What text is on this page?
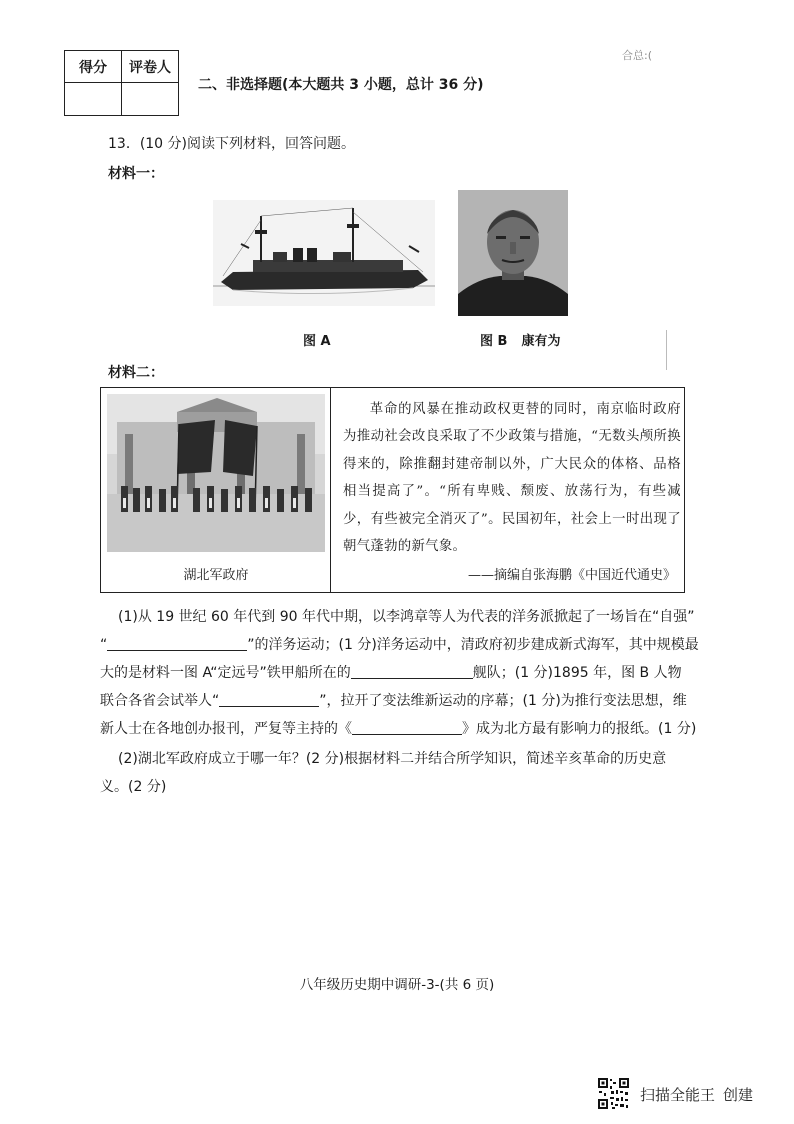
得分	评卷人

合总:(
二、非选择题(本大题共 3 小题，总计 36 分)
13．(10 分)阅读下列材料，回答问题。
材料一：
图 A	图 B 康有为
材料二：
湖北军政府
革命的风暴在推动政权更替的同时，南京临时政府为推动社会改良采取了不少政策与措施，“无数头颅所换得来的，除推翻封建帝制以外，广大民众的体格、品格相当提高了”。“所有卑贱、颓废、放荡行为，有些减少，有些被完全消灭了”。民国初年，社会上一时出现了朝气蓬勃的新气象。
——摘编自张海鹏《中国近代通史》
(1)从 19 世纪 60 年代到 90 年代中期，以李鸿章等人为代表的洋务派掀起了一场旨在“自强”
“	”的洋务运动；(1 分)洋务运动中，清政府初步建成新式海军，其中规模最
大的是材料一图 A“定远号”铁甲船所在的	舰队；(1 分)1895 年，图 B 人物
联合各省会试举人“	”，拉开了变法维新运动的序幕；(1 分)为推行变法思想，维
新人士在各地创办报刊，严复等主持的《	》成为北方最有影响力的报纸。(1 分)
(2)湖北军政府成立于哪一年？(2 分)根据材料二并结合所学知识，简述辛亥革命的历史意
义。(2 分)
八年级历史期中调研-3-(共 6 页)
扫描全能王 创建
